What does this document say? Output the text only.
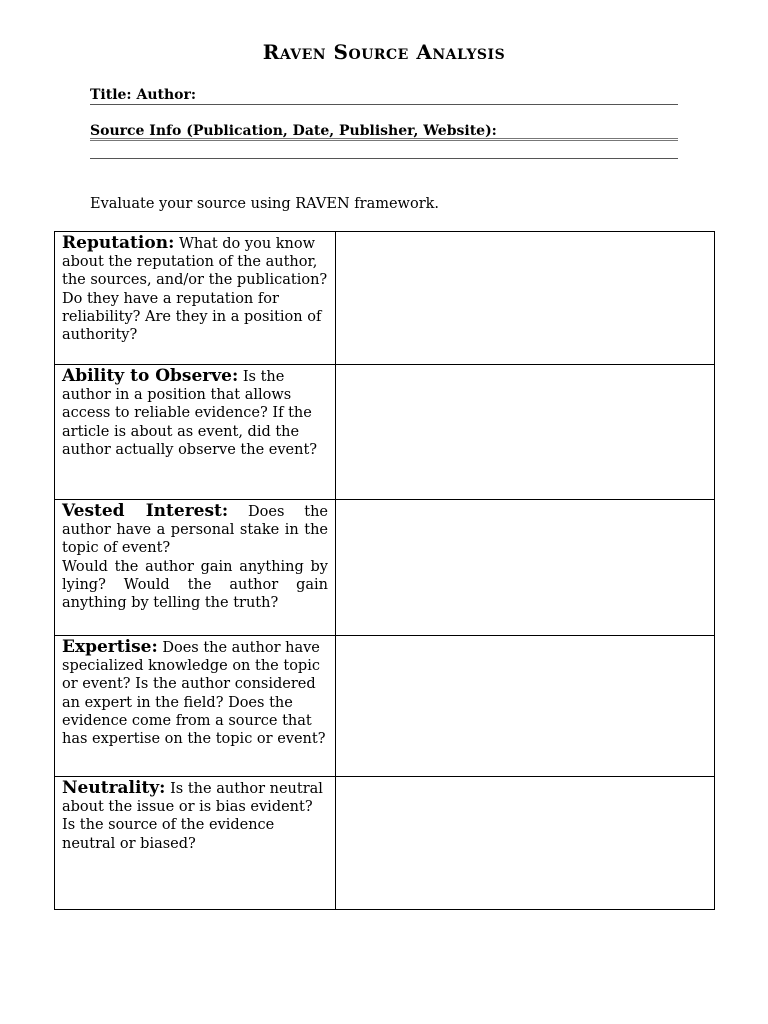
Raven Source Analysis
Title: Author:
Source Info (Publication, Date, Publisher, Website):
Evaluate your source using RAVEN framework.
Reputation: What do you know about the reputation of the author, the sources, and/or the publication? Do they have a reputation for reliability? Are they in a position of authority?	
Ability to Observe: Is the author in a position that allows access to reliable evidence? If the article is about as event, did the author actually observe the event?	
Vested Interest: Does the author have a personal stake in the topic of event?
Would the author gain anything by lying? Would the author gain anything by telling the truth?	
Expertise: Does the author have specialized knowledge on the topic or event? Is the author considered an expert in the field? Does the evidence come from a source that has expertise on the topic or event?	
Neutrality: Is the author neutral about the issue or is bias evident? Is the source of the evidence neutral or biased?	
